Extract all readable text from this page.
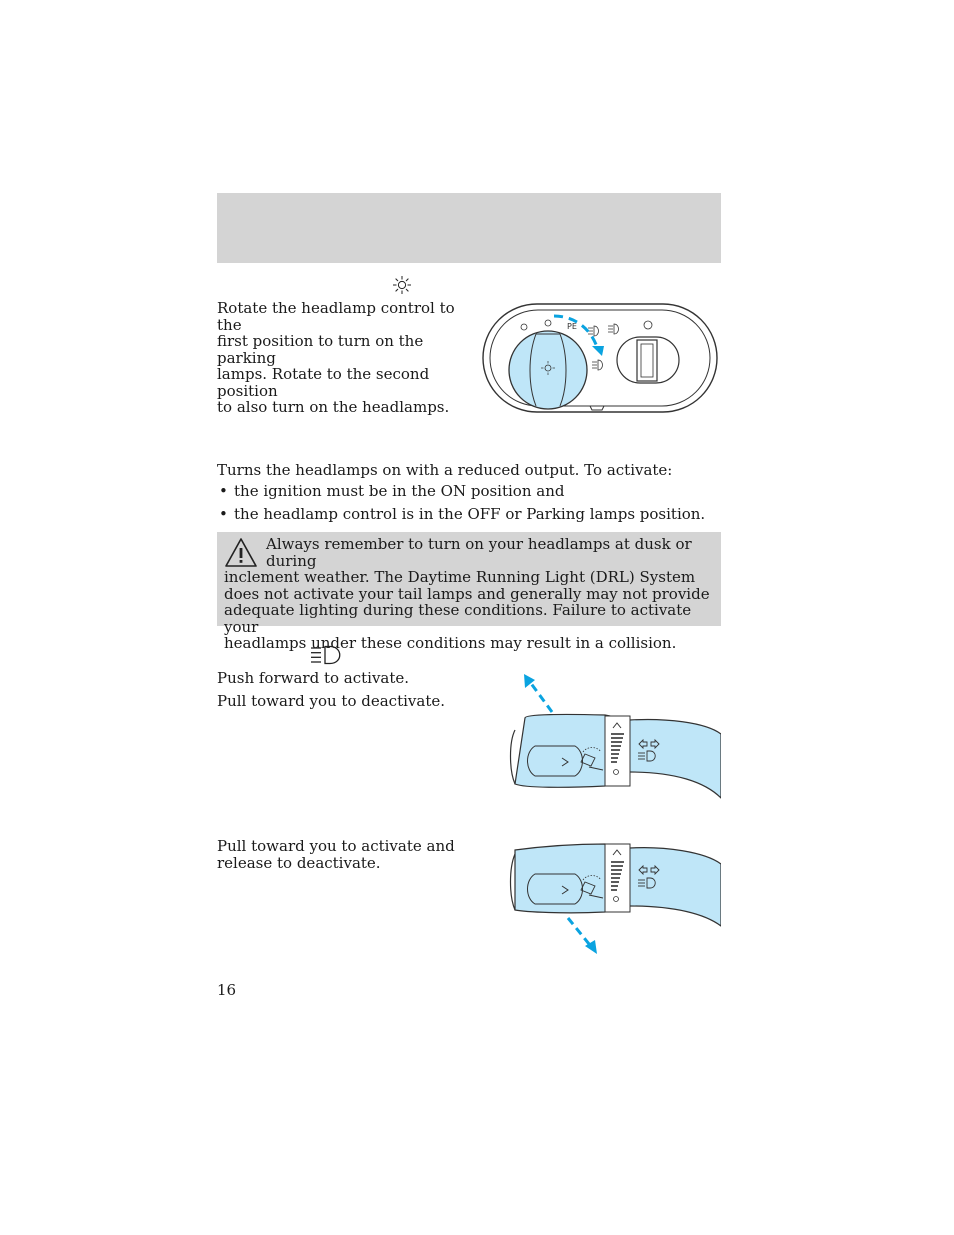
Rotate the headlamp control to the
first position to turn on the parking
lamps. Rotate to the second position
to also turn on the headlamps.
PE
Turns the headlamps on with a reduced output. To activate:
• the ignition must be in the ON position and
• the headlamp control is in the OFF or Parking lamps position.

Always remember to turn on your headlamps at dusk or during

inclement weather. The Daytime Running Light (DRL) System

does not activate your tail lamps and generally may not provide

adequate lighting during these conditions. Failure to activate your

headlamps under these conditions may result in a collision.

Push forward to activate.
Pull toward you to deactivate.
Pull toward you to activate and
release to deactivate.
16
